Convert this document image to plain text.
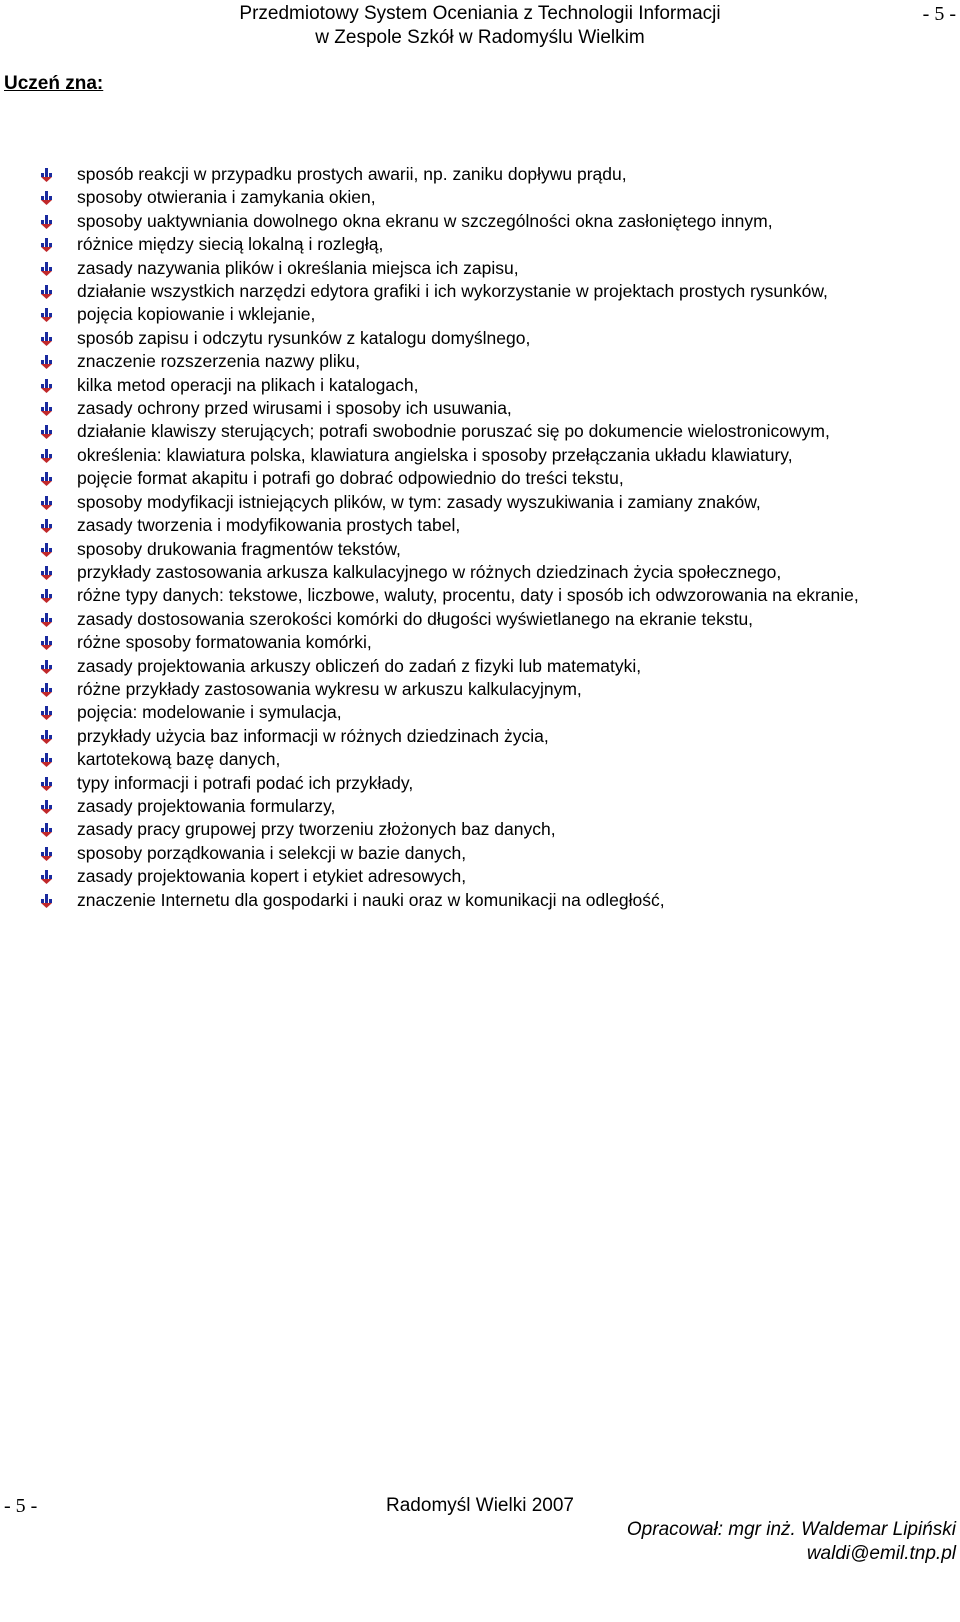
Przedmiotowy System Oceniania z Technologii Informacji
w Zespole Szkół w Radomyślu Wielkim
- 5 -
Uczeń zna:
sposób reakcji w przypadku prostych awarii, np. zaniku dopływu prądu,
sposoby otwierania i zamykania okien,
sposoby uaktywniania dowolnego okna ekranu w szczególności okna zasłoniętego innym,
różnice między siecią lokalną i rozległą,
zasady nazywania plików i określania miejsca ich zapisu,
działanie wszystkich narzędzi edytora grafiki i ich wykorzystanie w projektach prostych rysunków,
pojęcia kopiowanie i wklejanie,
sposób zapisu i odczytu rysunków z katalogu domyślnego,
znaczenie rozszerzenia nazwy pliku,
kilka metod operacji na plikach i katalogach,
zasady ochrony przed wirusami i sposoby ich usuwania,
działanie klawiszy sterujących; potrafi swobodnie poruszać się po dokumencie wielostronicowym,
określenia: klawiatura polska, klawiatura angielska i sposoby przełączania układu klawiatury,
pojęcie format akapitu i potrafi go dobrać odpowiednio do treści tekstu,
sposoby modyfikacji istniejących plików, w tym: zasady wyszukiwania i zamiany znaków,
zasady tworzenia i modyfikowania prostych tabel,
sposoby drukowania fragmentów tekstów,
przykłady zastosowania arkusza kalkulacyjnego w różnych dziedzinach życia społecznego,
różne typy danych: tekstowe, liczbowe, waluty, procentu, daty i sposób ich odwzorowania na ekranie,
zasady dostosowania szerokości komórki do długości wyświetlanego na ekranie tekstu,
różne sposoby formatowania komórki,
zasady projektowania arkuszy obliczeń do zadań z fizyki lub matematyki,
różne przykłady zastosowania wykresu w arkuszu kalkulacyjnym,
pojęcia: modelowanie i symulacja,
przykłady użycia baz informacji w różnych dziedzinach życia,
kartotekową bazę danych,
typy informacji i potrafi podać ich przykłady,
zasady projektowania formularzy,
zasady pracy grupowej przy tworzeniu złożonych baz danych,
sposoby porządkowania i selekcji w bazie danych,
zasady projektowania kopert i etykiet adresowych,
znaczenie Internetu dla gospodarki i nauki oraz w komunikacji na odległość,
- 5 -	Radomyśl Wielki 2007
Opracował: mgr inż. Waldemar Lipiński
waldi@emil.tnp.pl
